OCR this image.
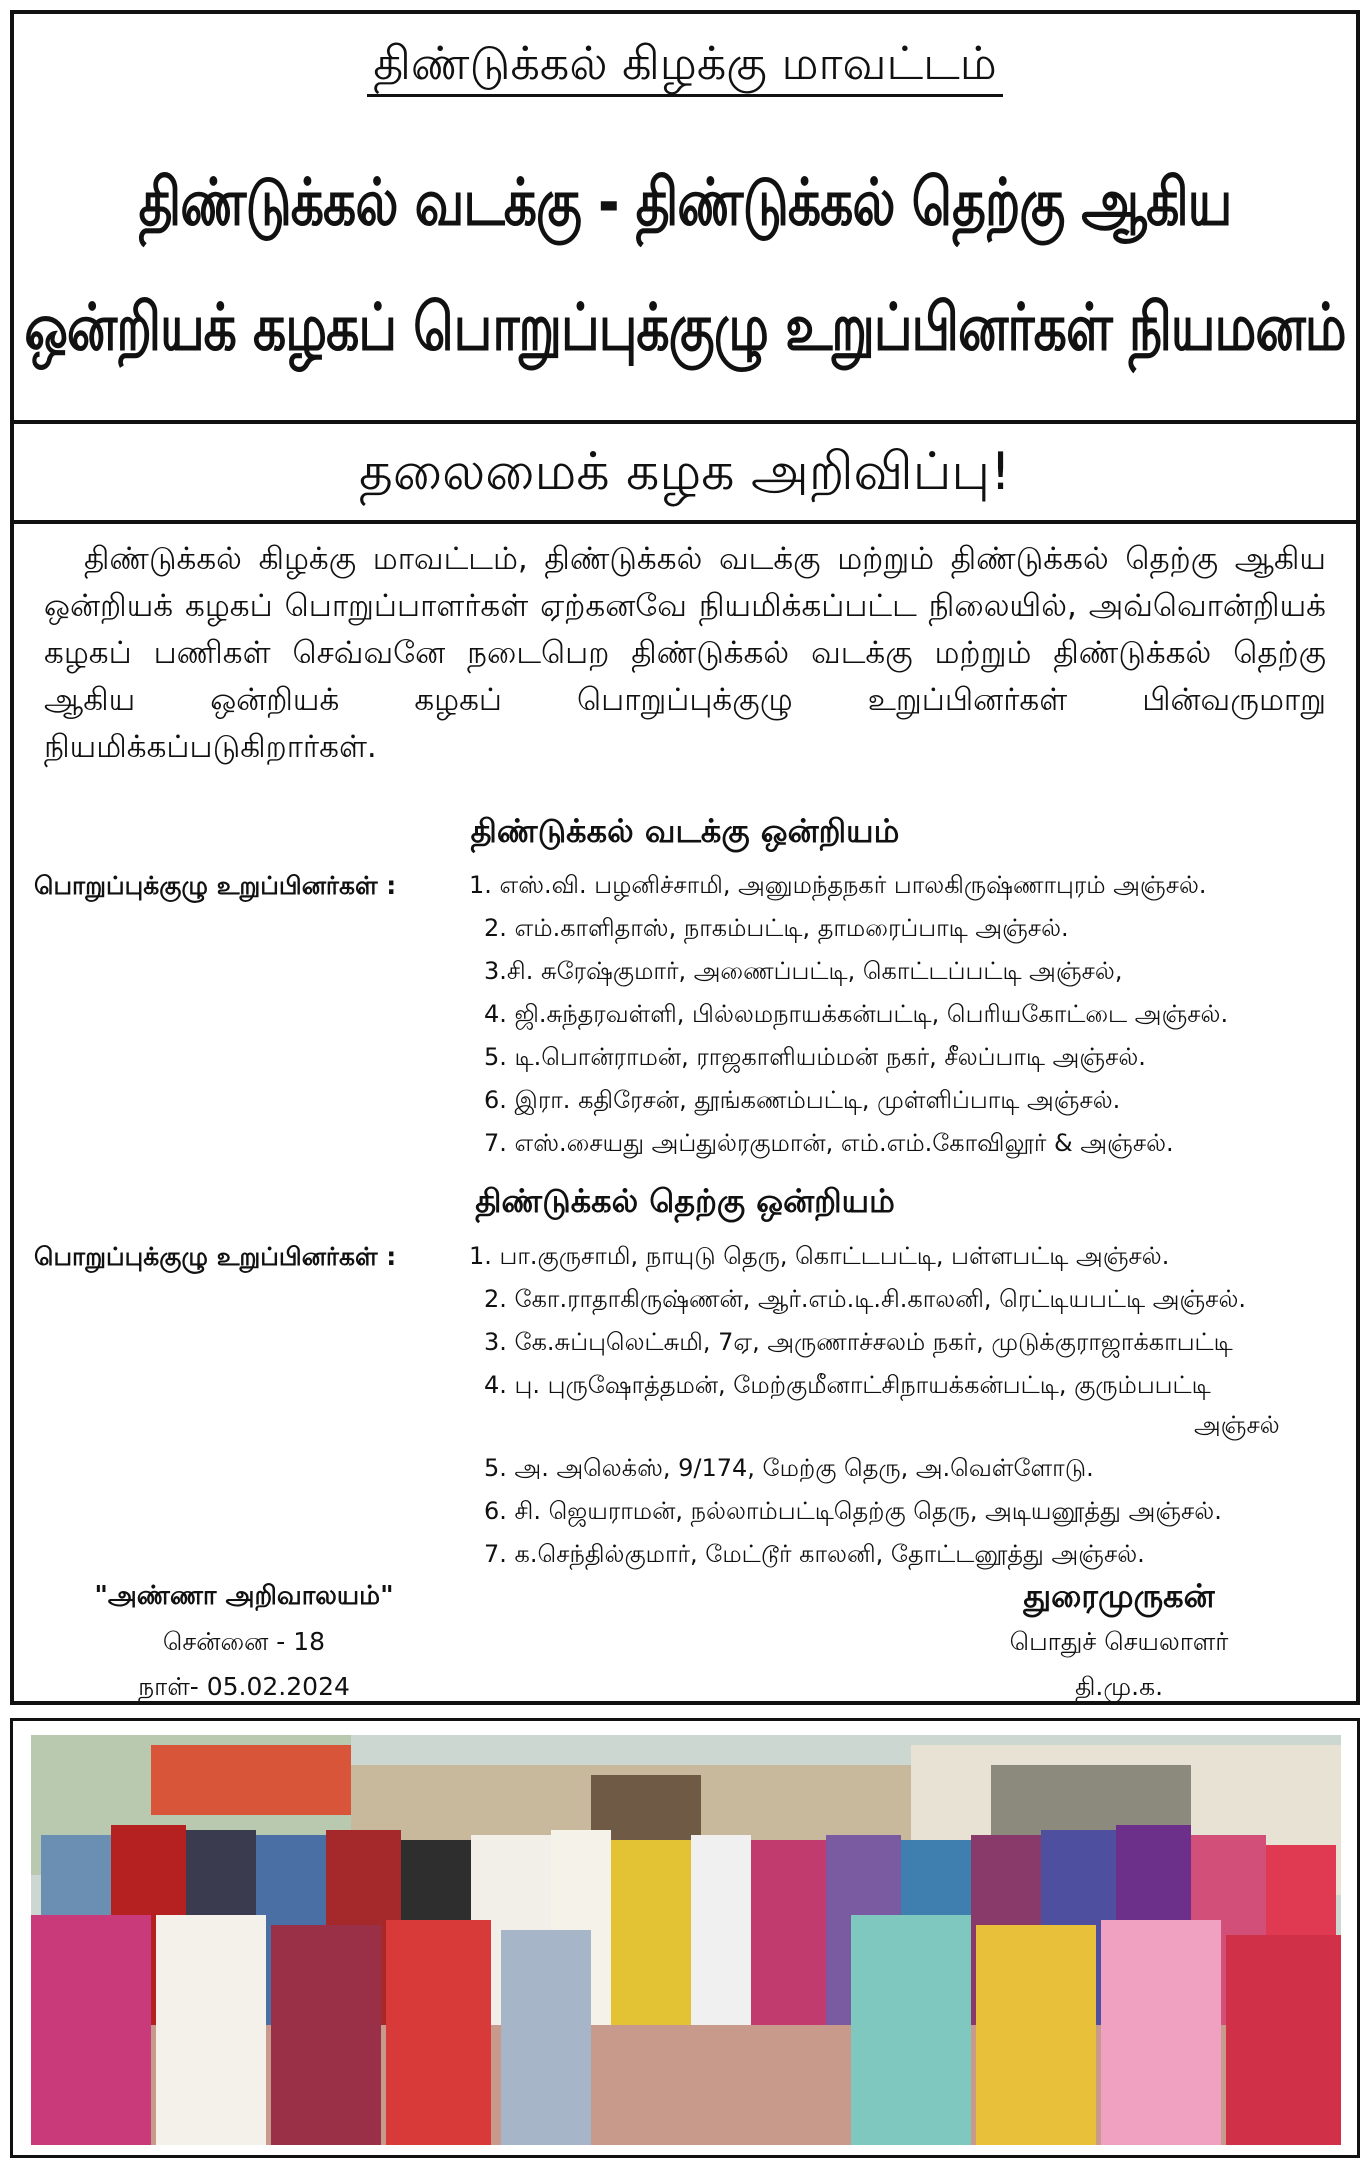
திண்டுக்கல் கிழக்கு மாவட்டம்
திண்டுக்கல் வடக்கு - திண்டுக்கல் தெற்கு ஆகிய
ஒன்றியக் கழகப் பொறுப்புக்குழு உறுப்பினர்கள் நியமனம்
தலைமைக் கழக அறிவிப்பு!
திண்டுக்கல் கிழக்கு மாவட்டம், திண்டுக்கல் வடக்கு மற்றும் திண்டுக்கல் தெற்கு ஆகிய ஒன்றியக் கழகப் பொறுப்பாளர்கள் ஏற்கனவே நியமிக்கப்பட்ட நிலையில், அவ்வொன்றியக் கழகப் பணிகள் செவ்வனே நடைபெற திண்டுக்கல் வடக்கு மற்றும் திண்டுக்கல் தெற்கு ஆகிய ஒன்றியக் கழகப் பொறுப்புக்குழு உறுப்பினர்கள் பின்வருமாறு நியமிக்கப்படுகிறார்கள்.
திண்டுக்கல் வடக்கு ஒன்றியம்
பொறுப்புக்குழு உறுப்பினர்கள் :	1. எஸ்.வி. பழனிச்சாமி, அனுமந்தநகர் பாலகிருஷ்ணாபுரம் அஞ்சல்.
2. எம்.காளிதாஸ், நாகம்பட்டி, தாமரைப்பாடி அஞ்சல்.
3.சி. சுரேஷ்குமார், அணைப்பட்டி, கொட்டப்பட்டி அஞ்சல்,
4. ஜி.சுந்தரவள்ளி, பில்லமநாயக்கன்பட்டி, பெரியகோட்டை அஞ்சல்.
5. டி.பொன்ராமன், ராஜகாளியம்மன் நகர், சீலப்பாடி அஞ்சல்.
6. இரா. கதிரேசன், தூங்கணம்பட்டி, முள்ளிப்பாடி அஞ்சல்.
7. எஸ்.சையது அப்துல்ரகுமான், எம்.எம்.கோவிலூர் & அஞ்சல்.
திண்டுக்கல் தெற்கு ஒன்றியம்
பொறுப்புக்குழு உறுப்பினர்கள் :	1. பா.குருசாமி, நாயுடு தெரு, கொட்டபட்டி, பள்ளபட்டி அஞ்சல்.
2. கோ.ராதாகிருஷ்ணன், ஆர்.எம்.டி.சி.காலனி, ரெட்டியபட்டி அஞ்சல்.
3. கே.சுப்புலெட்சுமி, 7ஏ, அருணாச்சலம் நகர், முடுக்குராஜாக்காபட்டி
4. பு. புருஷோத்தமன், மேற்குமீனாட்சிநாயக்கன்பட்டி, குரும்பபட்டி
அஞ்சல்
5. அ. அலெக்ஸ், 9/174, மேற்கு தெரு, அ.வெள்ளோடு.
6. சி. ஜெயராமன், நல்லாம்பட்டிதெற்கு தெரு, அடியனூத்து அஞ்சல்.
7. க.செந்தில்குமார், மேட்டூர் காலனி, தோட்டனூத்து அஞ்சல்.
"அண்ணா அறிவாலயம்"
சென்னை - 18
நாள்- 05.02.2024
துரைமுருகன்
பொதுச் செயலாளர்
தி.மு.க.
